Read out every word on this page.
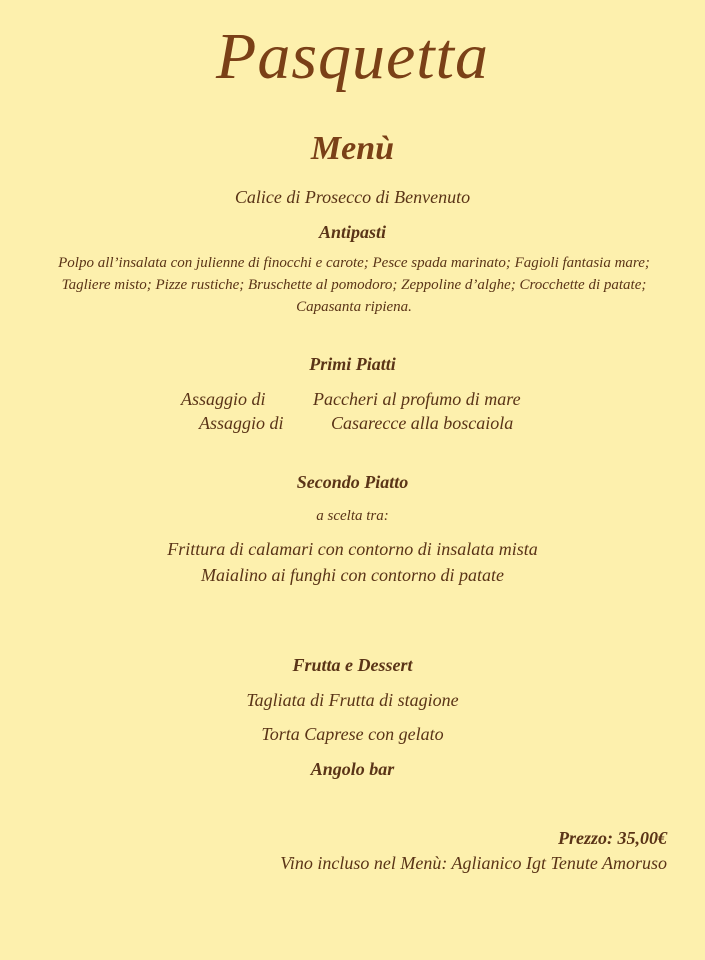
Pasquetta
Menù
Calice di Prosecco di Benvenuto
Antipasti
Polpo all’insalata con julienne di finocchi e carote; Pesce spada marinato; Fagioli fantasia mare; Tagliere misto; Pizze rustiche; Bruschette al pomodoro; Zeppoline d’alghe; Crocchette di patate; Capasanta ripiena.
Primi Piatti
Assaggio di	Paccheri al profumo di mare
Assaggio di	Casarecce alla boscaiola
Secondo Piatto
a scelta tra:
Frittura di calamari con contorno di insalata mista
Maialino ai funghi con contorno di patate
Frutta e Dessert
Tagliata di Frutta di stagione
Torta Caprese con gelato
Angolo bar
Prezzo: 35,00€
Vino incluso nel Menù: Aglianico Igt Tenute Amoruso
